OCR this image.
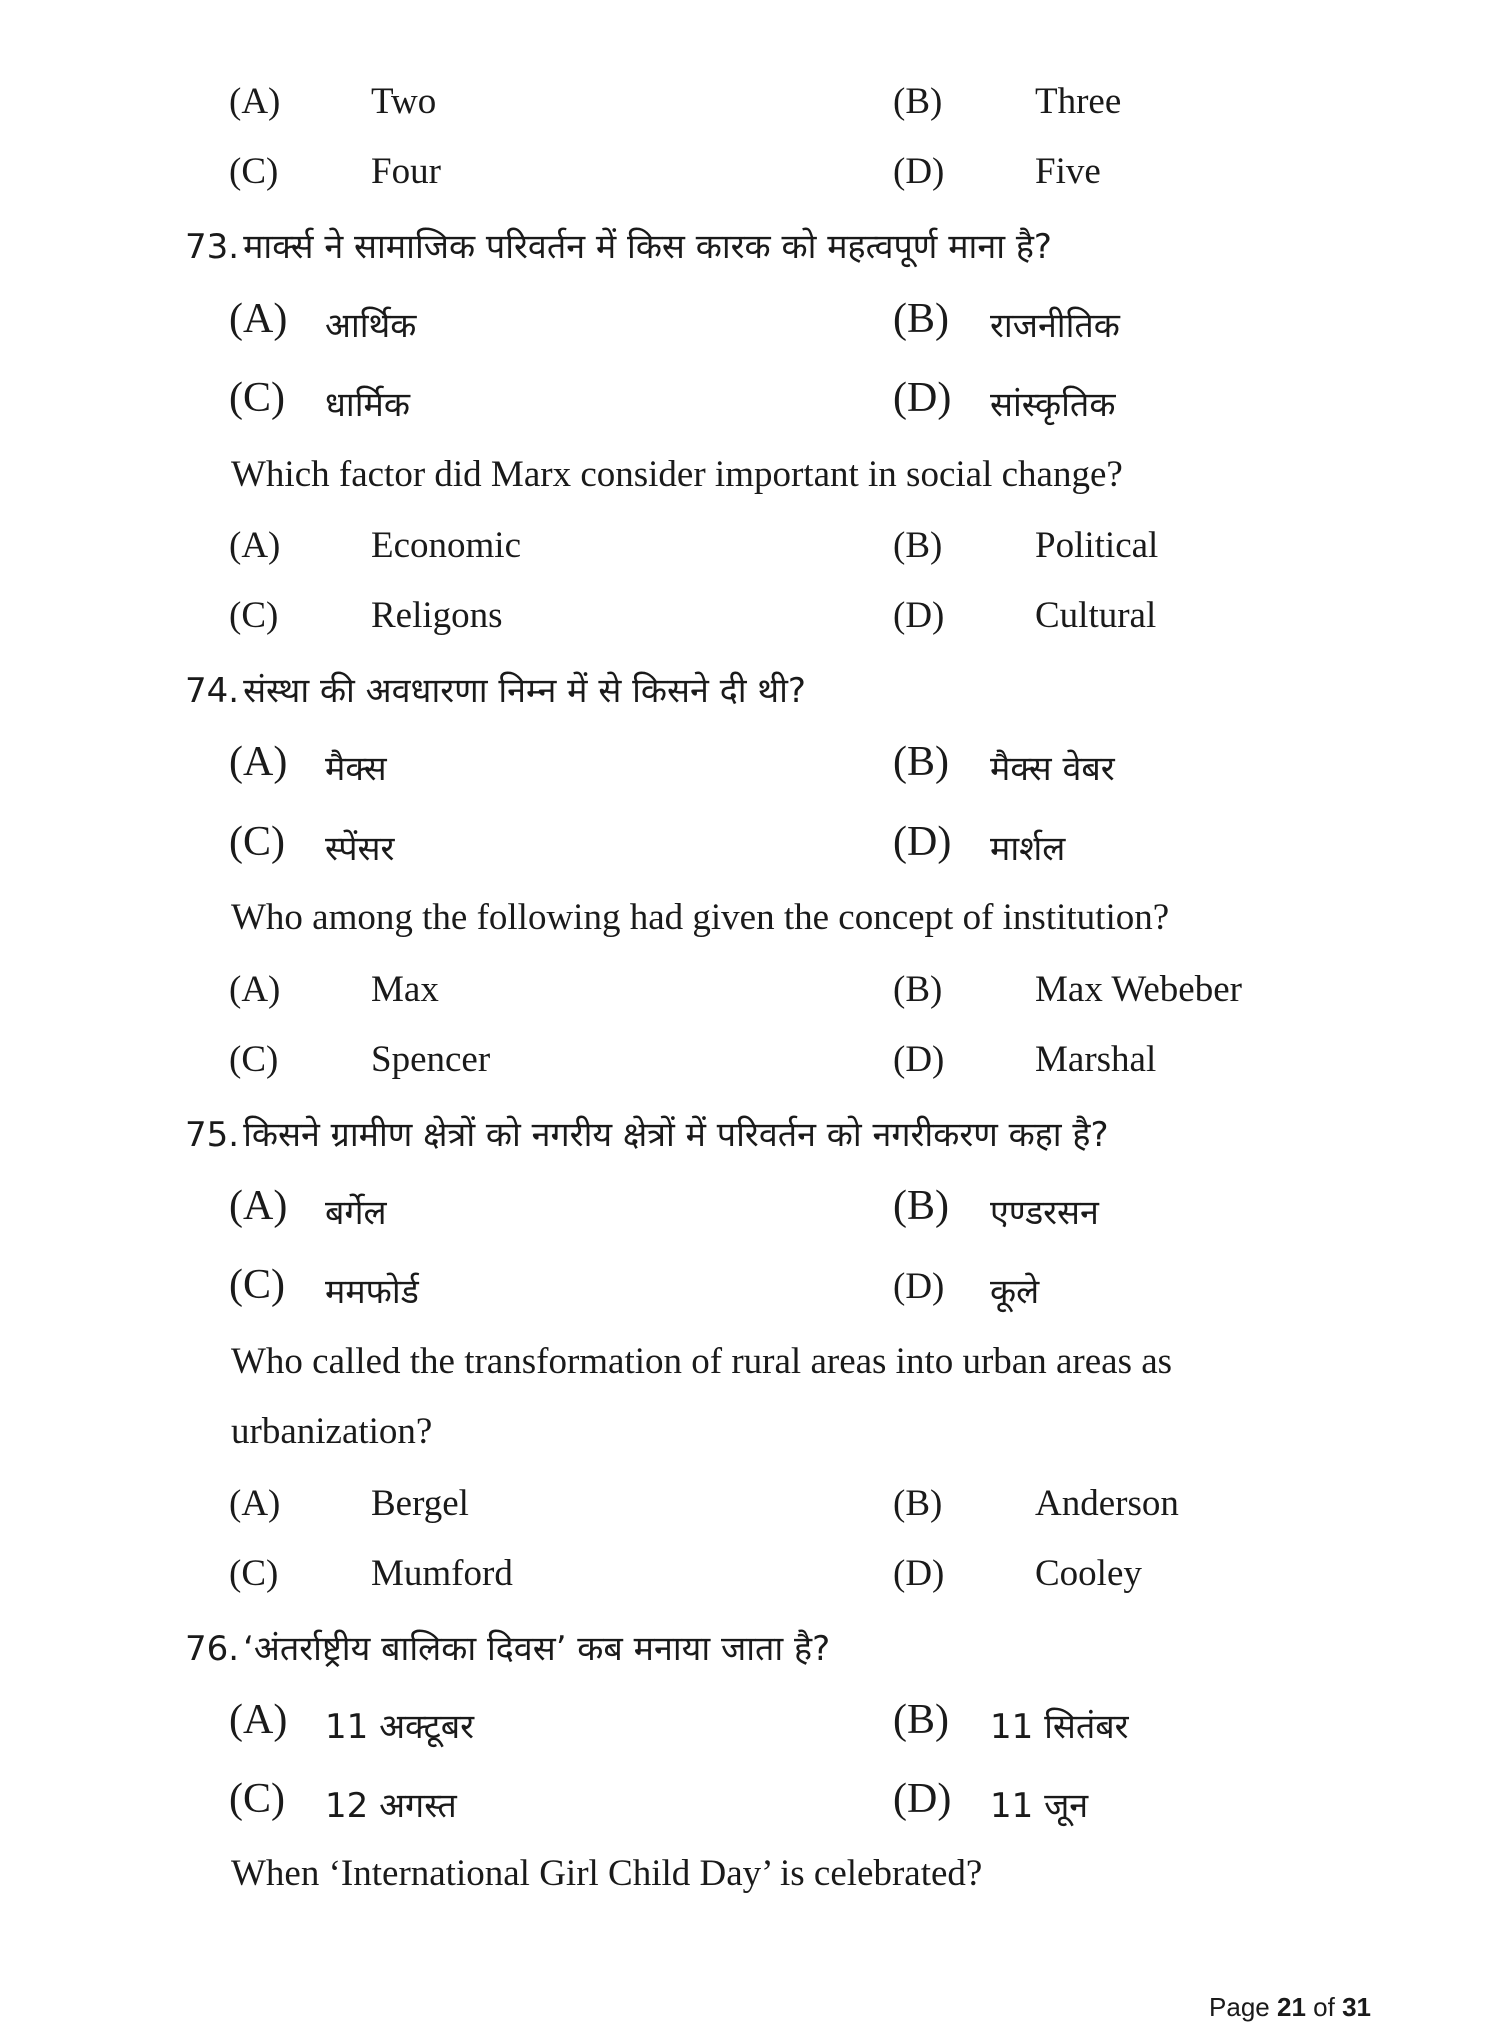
(A) Two	(B)	Three
(C)	Four	(D) Five
73. मार्क्स ने सामाजिक परिवर्तन में किस कारक को महत्वपूर्ण माना है?
(A) आर्थिक	(B) राजनीतिक
(C) धार्मिक	(D) सांस्कृतिक
Which factor did Marx consider important in social change?
(A) Economic	(B)	Political
(C)	Religons	(D) Cultural
74. संस्था की अवधारणा निम्न में से किसने दी थी?
(A) मैक्स	(B) मैक्स वेबर
(C) स्पेंसर	(D) मार्शल
Who among the following had given the concept of institution?
(A) Max	(B)	Max Webeber
(C)	Spencer	(D) Marshal
75. किसने ग्रामीण क्षेत्रों को नगरीय क्षेत्रों में परिवर्तन को नगरीकरण कहा है?
(A) बर्गेल	(B) एण्डरसन
(C) ममफोर्ड	(D) कूले
Who called the transformation of rural areas into urban areas as
urbanization?
(A) Bergel	(B)	Anderson
(C)	Mumford	(D) Cooley
76. ‘अंतर्राष्ट्रीय बालिका दिवस’ कब मनाया जाता है?
(A) 11 अक्टूबर	(B) 11 सितंबर
(C) 12 अगस्त	(D) 11 जून
When ‘International Girl Child Day’ is celebrated?
Page 21 of 31
